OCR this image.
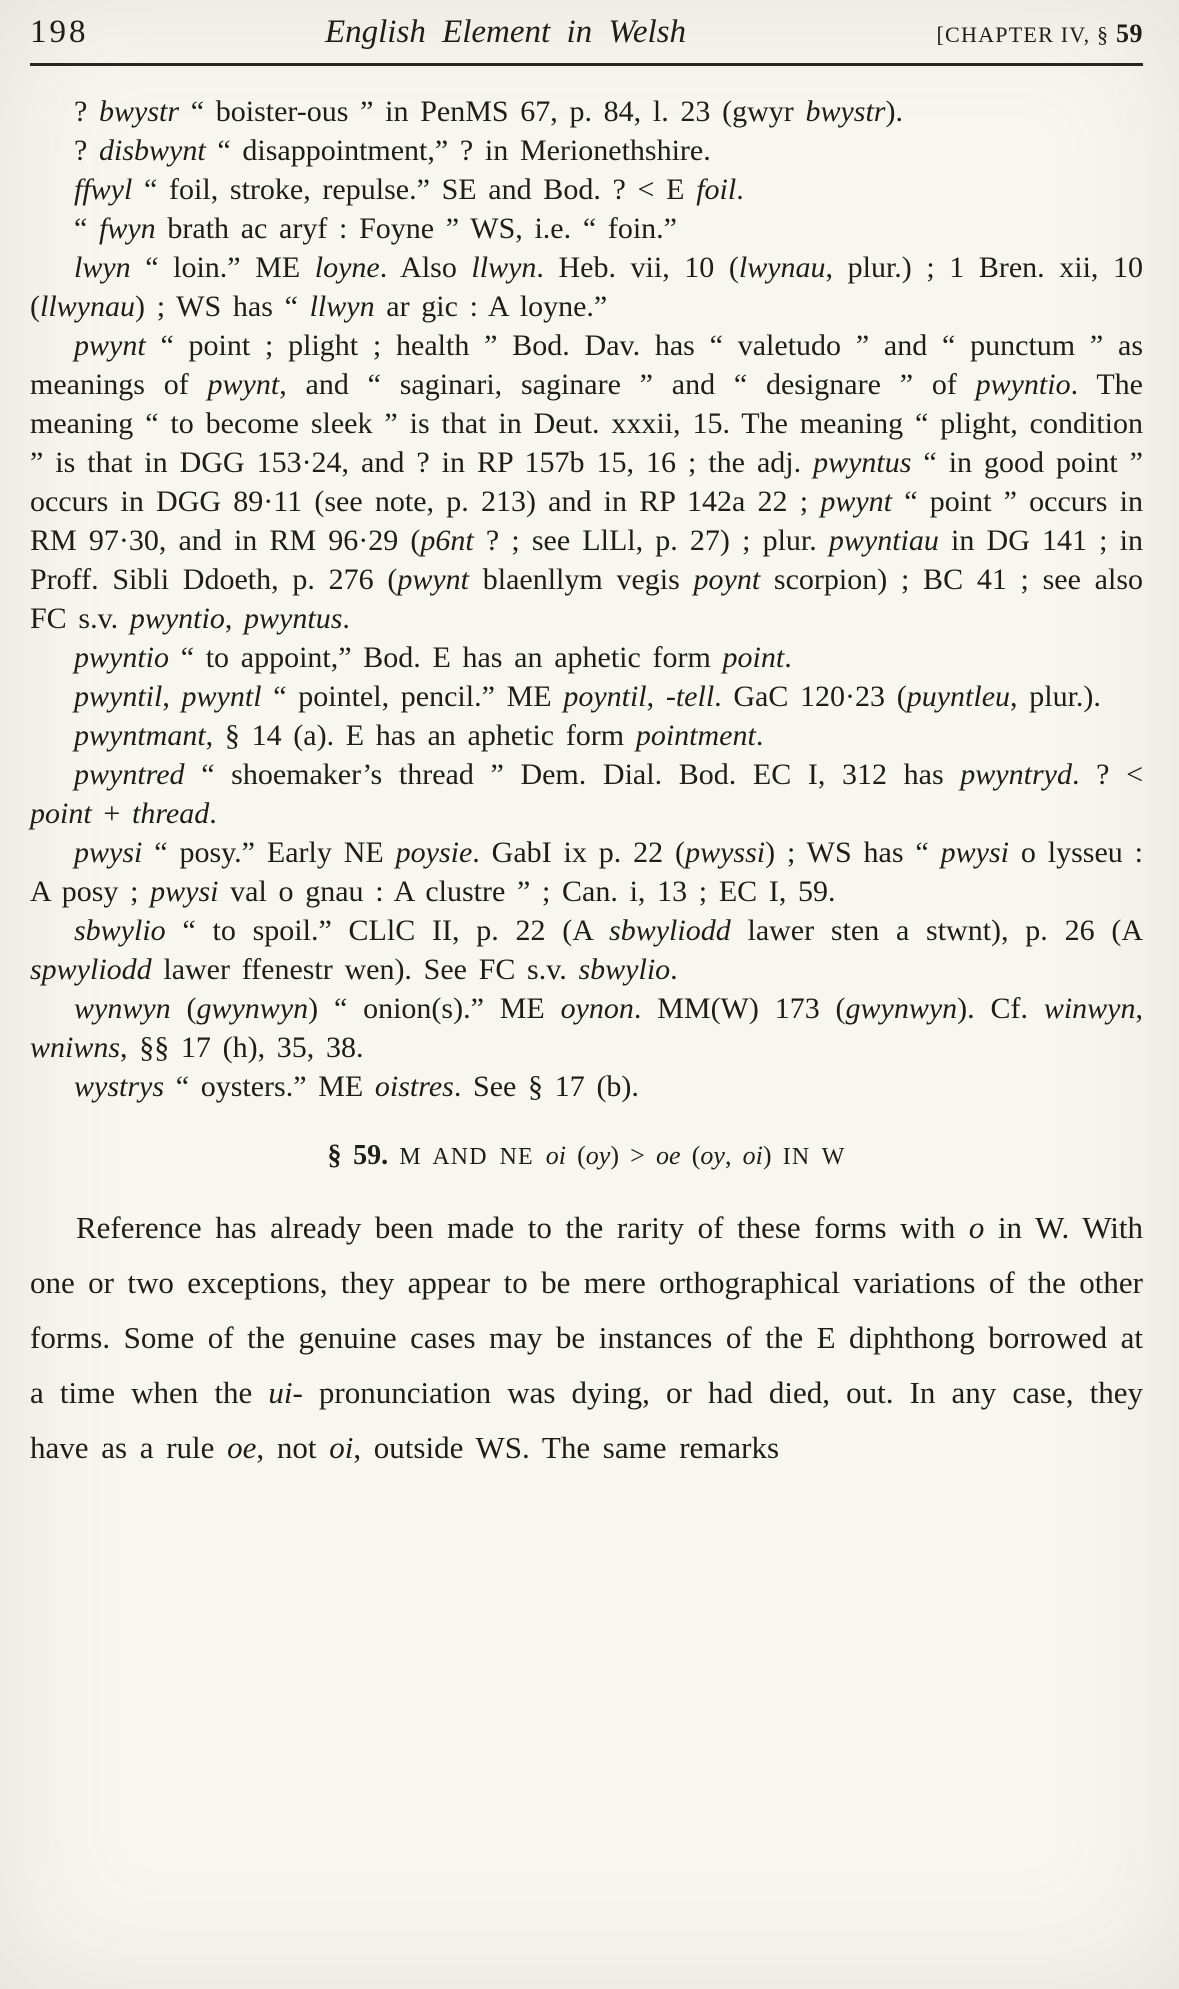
198	English Element in Welsh	[CHAPTER IV, § 59

? bwystr “ boister-ous ” in PenMS 67, p. 84, l. 23 (gwyr bwystr).

? disbwynt “ disappointment,” ? in Merionethshire.

ffwyl “ foil, stroke, repulse.” SE and Bod. ? < E foil.

“ fwyn brath ac aryf : Foyne ” WS, i.e. “ foin.”

lwyn “ loin.” ME loyne. Also llwyn. Heb. vii, 10 (lwynau, plur.) ; 1 Bren. xii, 10 (llwynau) ; WS has “ llwyn ar gic : A loyne.”

pwynt “ point ; plight ; health ” Bod. Dav. has “ valetudo ” and “ punctum ” as meanings of pwynt, and “ saginari, saginare ” and “ designare ” of pwyntio. The meaning “ to become sleek ” is that in Deut. xxxii, 15. The meaning “ plight, condition ” is that in DGG 153·24, and ? in RP 157b 15, 16 ; the adj. pwyntus “ in good point ” occurs in DGG 89·11 (see note, p. 213) and in RP 142a 22 ; pwynt “ point ” occurs in RM 97·30, and in RM 96·29 (p6nt ? ; see LlLl, p. 27) ; plur. pwyntiau in DG 141 ; in Proff. Sibli Ddoeth, p. 276 (pwynt blaenllym vegis poynt scorpion) ; BC 41 ; see also FC s.v. pwyntio, pwyntus.

pwyntio “ to appoint,” Bod. E has an aphetic form point.

pwyntil, pwyntl “ pointel, pencil.” ME poyntil, -tell. GaC 120·23 (puyntleu, plur.).

pwyntmant, § 14 (a). E has an aphetic form pointment.

pwyntred “ shoemaker’s thread ” Dem. Dial. Bod. EC I, 312 has pwyntryd. ? < point + thread.

pwysi “ posy.” Early NE poysie. GabI ix p. 22 (pwyssi) ; WS has “ pwysi o lysseu : A posy ; pwysi val o gnau : A clustre ” ; Can. i, 13 ; EC I, 59.

sbwylio “ to spoil.” CLlC II, p. 22 (A sbwyliodd lawer sten a stwnt), p. 26 (A spwyliodd lawer ffenestr wen). See FC s.v. sbwylio.

wynwyn (gwynwyn) “ onion(s).” ME oynon. MM(W) 173 (gwynwyn). Cf. winwyn, wniwns, §§ 17 (h), 35, 38.

wystrys “ oysters.” ME oistres. See § 17 (b).

§ 59. M AND NE oi (oy) > oe (oy, oi) IN W

Reference has already been made to the rarity of these forms with o in W. With one or two exceptions, they appear to be mere orthographical variations of the other forms. Some of the genuine cases may be instances of the E diphthong borrowed at a time when the ui- pronunciation was dying, or had died, out. In any case, they have as a rule oe, not oi, outside WS. The same remarks
